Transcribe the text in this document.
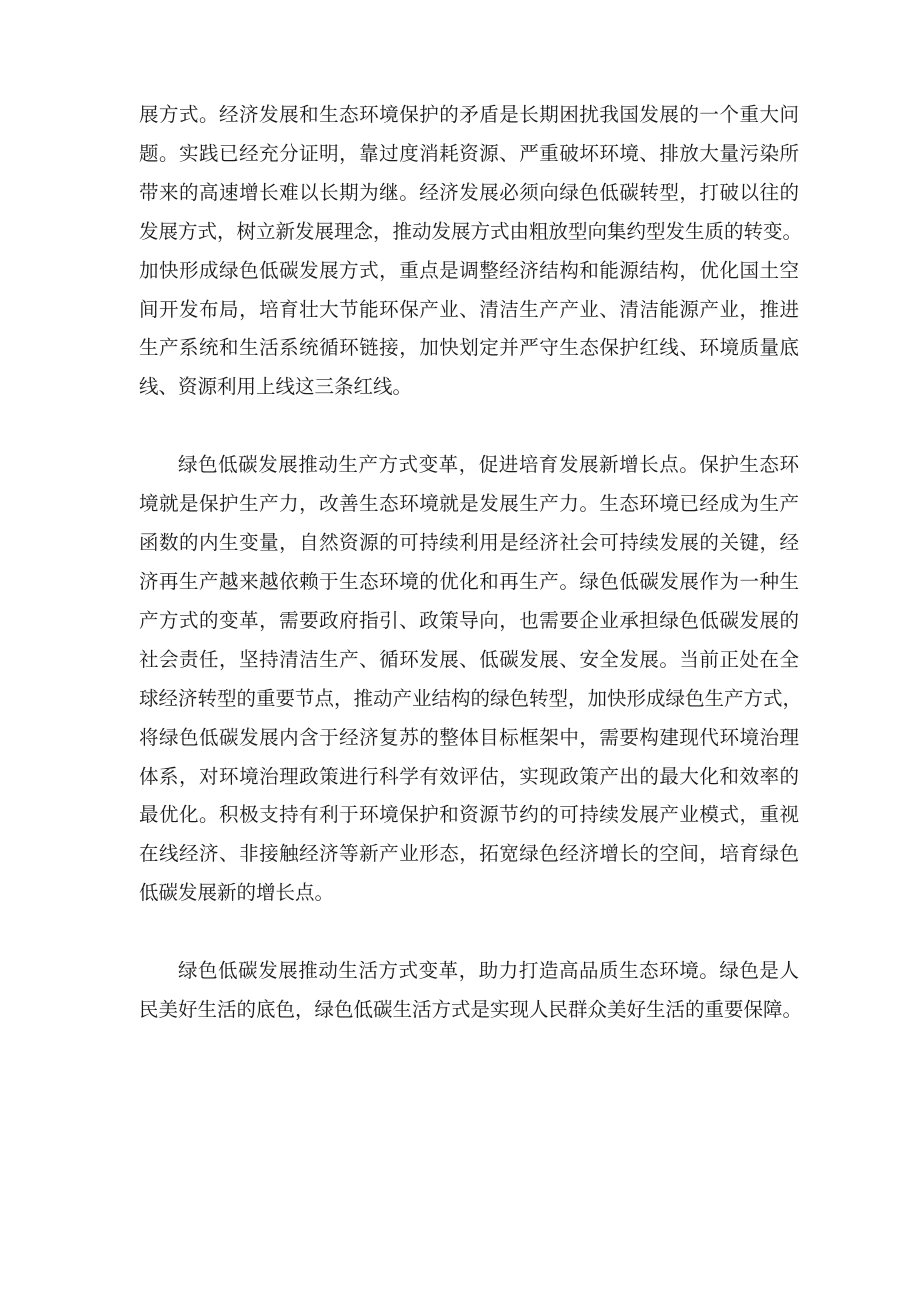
展方式。经济发展和生态环境保护的矛盾是长期困扰我国发展的一个重大问
题。实践已经充分证明，靠过度消耗资源、严重破坏环境、排放大量污染所
带来的高速增长难以长期为继。经济发展必须向绿色低碳转型，打破以往的
发展方式，树立新发展理念，推动发展方式由粗放型向集约型发生质的转变。
加快形成绿色低碳发展方式，重点是调整经济结构和能源结构，优化国土空
间开发布局，培育壮大节能环保产业、清洁生产产业、清洁能源产业，推进
生产系统和生活系统循环链接，加快划定并严守生态保护红线、环境质量底
线、资源利用上线这三条红线。
绿色低碳发展推动生产方式变革，促进培育发展新增长点。保护生态环
境就是保护生产力，改善生态环境就是发展生产力。生态环境已经成为生产
函数的内生变量，自然资源的可持续利用是经济社会可持续发展的关键，经
济再生产越来越依赖于生态环境的优化和再生产。绿色低碳发展作为一种生
产方式的变革，需要政府指引、政策导向，也需要企业承担绿色低碳发展的
社会责任，坚持清洁生产、循环发展、低碳发展、安全发展。当前正处在全
球经济转型的重要节点，推动产业结构的绿色转型，加快形成绿色生产方式，
将绿色低碳发展内含于经济复苏的整体目标框架中，需要构建现代环境治理
体系，对环境治理政策进行科学有效评估，实现政策产出的最大化和效率的
最优化。积极支持有利于环境保护和资源节约的可持续发展产业模式，重视
在线经济、非接触经济等新产业形态，拓宽绿色经济增长的空间，培育绿色
低碳发展新的增长点。
绿色低碳发展推动生活方式变革，助力打造高品质生态环境。绿色是人
民美好生活的底色，绿色低碳生活方式是实现人民群众美好生活的重要保障。
